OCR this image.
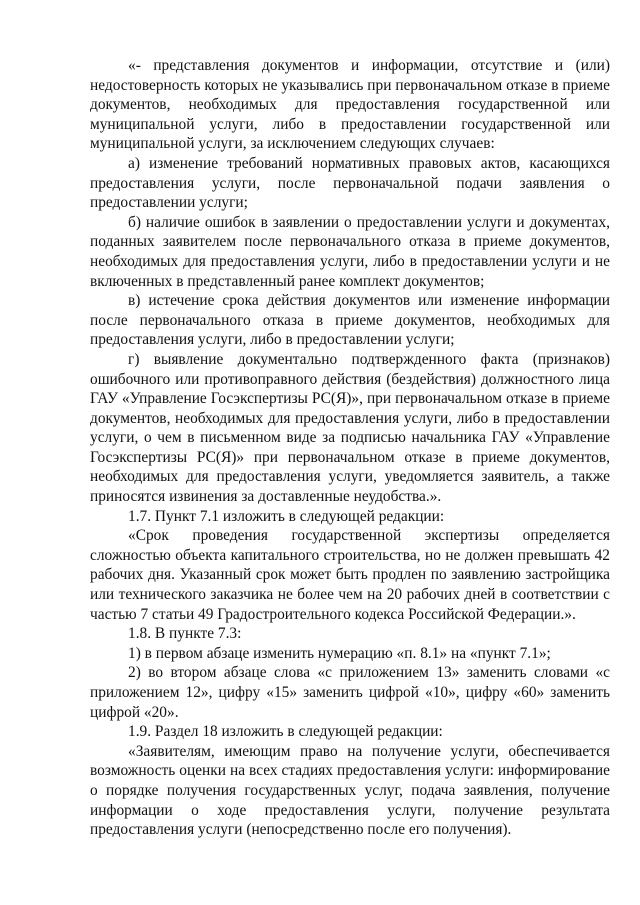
«- представления документов и информации, отсутствие и (или) недостоверность которых не указывались при первоначальном отказе в приеме документов, необходимых для предоставления государственной или муниципальной услуги, либо в предоставлении государственной или муниципальной услуги, за исключением следующих случаев:

а) изменение требований нормативных правовых актов, касающихся предоставления услуги, после первоначальной подачи заявления о предоставлении услуги;

б) наличие ошибок в заявлении о предоставлении услуги и документах, поданных заявителем после первоначального отказа в приеме документов, необходимых для предоставления услуги, либо в предоставлении услуги и не включенных в представленный ранее комплект документов;

в) истечение срока действия документов или изменение информации после первоначального отказа в приеме документов, необходимых для предоставления услуги, либо в предоставлении услуги;

г) выявление документально подтвержденного факта (признаков) ошибочного или противоправного действия (бездействия) должностного лица ГАУ «Управление Госэкспертизы РС(Я)», при первоначальном отказе в приеме документов, необходимых для предоставления услуги, либо в предоставлении услуги, о чем в письменном виде за подписью начальника ГАУ «Управление Госэкспертизы РС(Я)» при первоначальном отказе в приеме документов, необходимых для предоставления услуги, уведомляется заявитель, а также приносятся извинения за доставленные неудобства.».

1.7. Пункт 7.1 изложить в следующей редакции:

«Срок проведения государственной экспертизы определяется сложностью объекта капитального строительства, но не должен превышать 42 рабочих дня. Указанный срок может быть продлен по заявлению застройщика или технического заказчика не более чем на 20 рабочих дней в соответствии с частью 7 статьи 49 Градостроительного кодекса Российской Федерации.».

1.8. В пункте 7.3:

1) в первом абзаце изменить нумерацию «п. 8.1» на «пункт 7.1»;

2) во втором абзаце слова «с приложением 13» заменить словами «с приложением 12», цифру «15» заменить цифрой «10», цифру «60» заменить цифрой «20».

1.9. Раздел 18 изложить в следующей редакции:

«Заявителям, имеющим право на получение услуги, обеспечивается возможность оценки на всех стадиях предоставления услуги: информирование о порядке получения государственных услуг, подача заявления, получение информации о ходе предоставления услуги, получение результата предоставления услуги (непосредственно после его получения).
